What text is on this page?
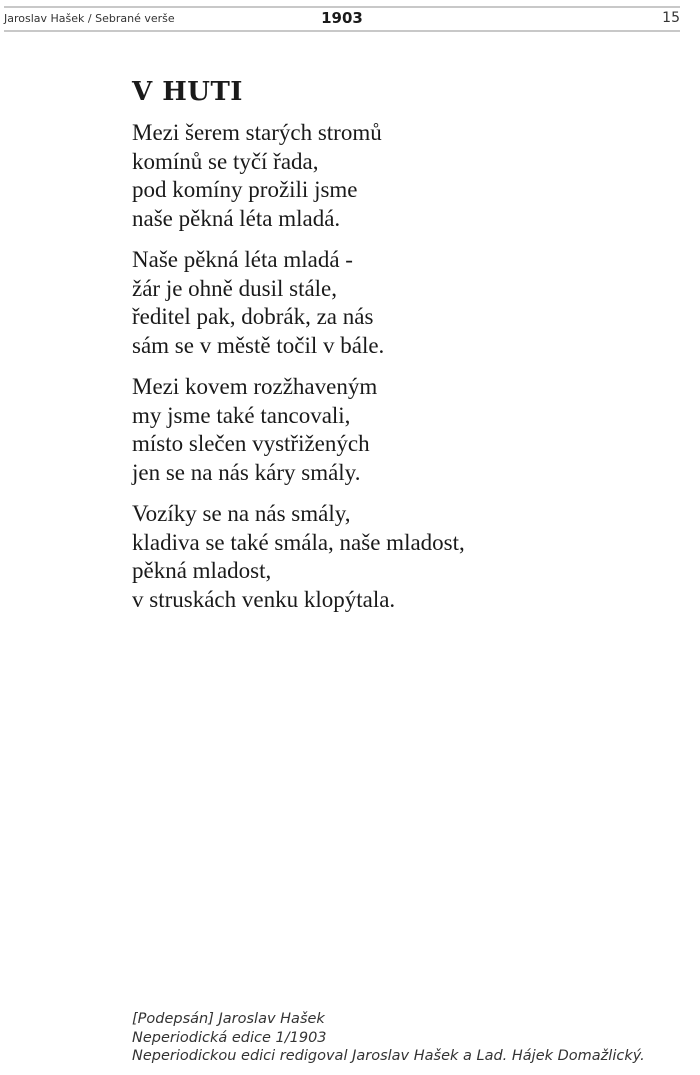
Jaroslav Hašek / Sebrané verše	1903	15
V HUTI
Mezi šerem starých stromů
komínů se tyčí řada,
pod komíny prožili jsme
naše pěkná léta mladá.
Naše pěkná léta mladá -
žár je ohně dusil stále,
ředitel pak, dobrák, za nás
sám se v městě točil v bále.
Mezi kovem rozžhaveným
my jsme také tancovali,
místo slečen vystřižených
jen se na nás káry smály.
Vozíky se na nás smály,
kladiva se také smála, naše mladost,
pěkná mladost,
v struskách venku klopýtala.
[Podepsán] Jaroslav Hašek
Neperiodická edice 1/1903
Neperiodickou edici redigoval Jaroslav Hašek a Lad. Hájek Domažlický.
